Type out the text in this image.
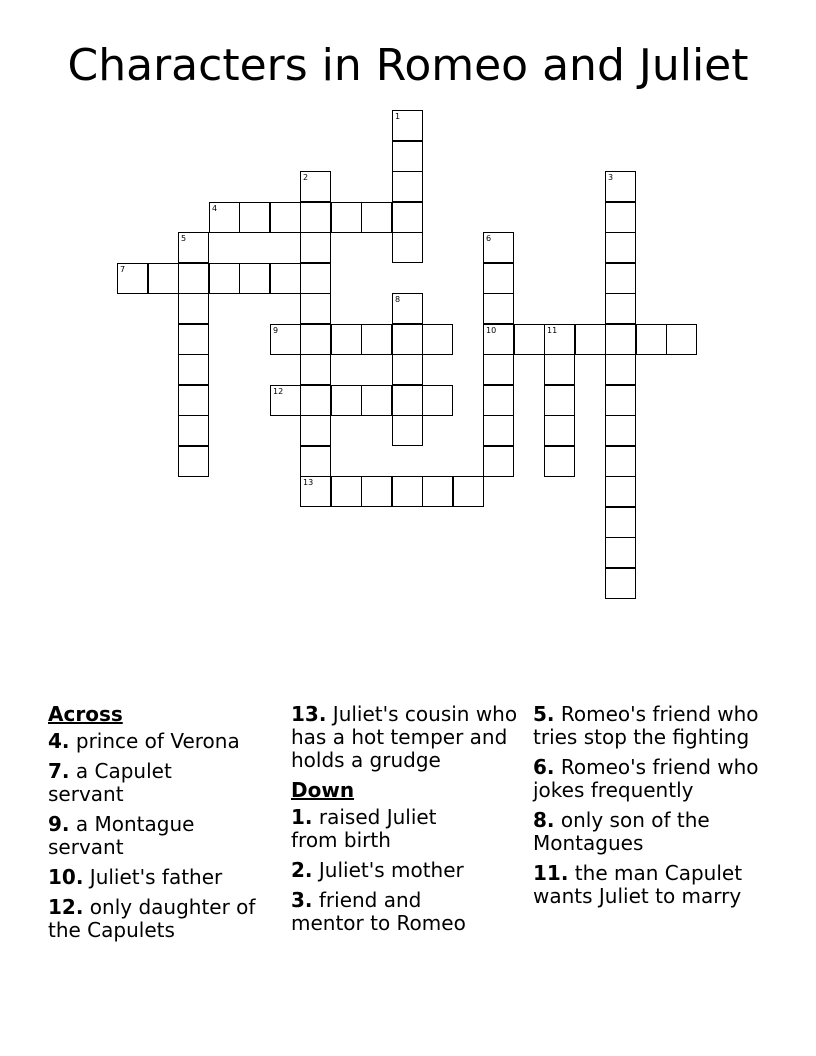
Characters in Romeo and Juliet
1
2	3
4
5	6
10
7
8
9	11
12
13

Across

4. prince of Verona

7. a Capulet servant

9. a Montague servant

10. Juliet's father

12. only daughter of the Capulets

13. Juliet's cousin who has a hot temper and holds a grudge

Down

1. raised Juliet from birth

2. Juliet's mother

3. friend and mentor to Romeo

5. Romeo's friend who tries stop the fighting

6. Romeo's friend who jokes frequently

8. only son of the Montagues

11. the man Capulet wants Juliet to marry
